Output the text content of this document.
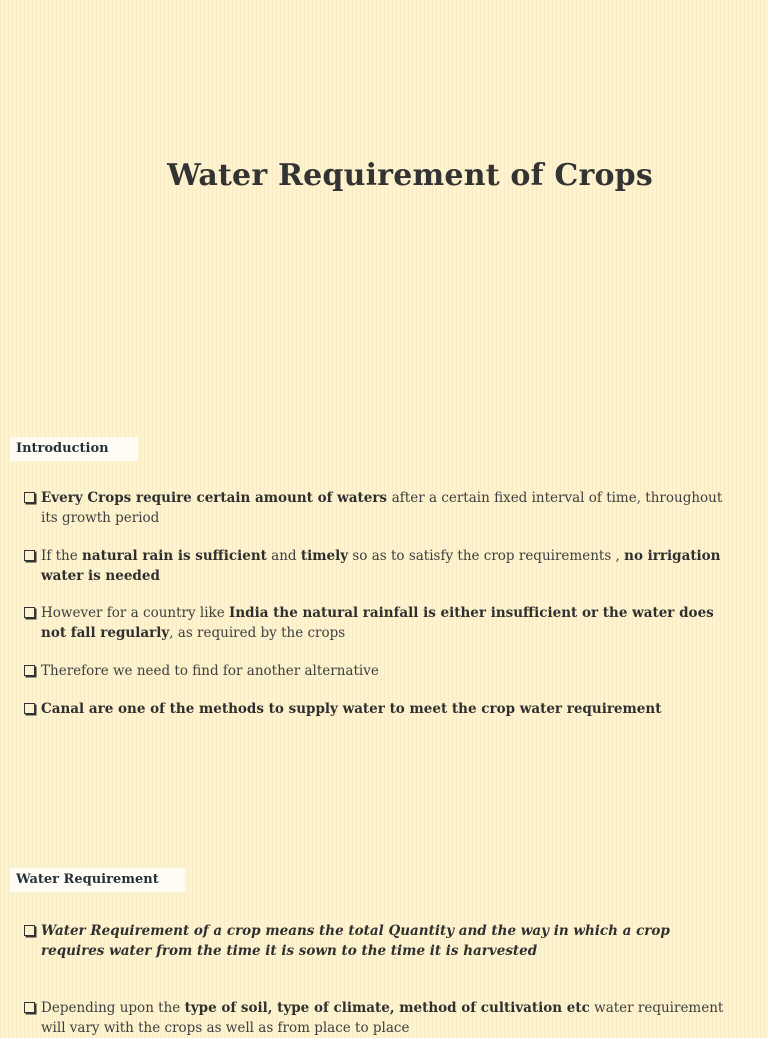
Water Requirement of Crops
Introduction
Every Crops require certain amount of waters after a certain fixed interval of time, throughout its growth period
If the natural rain is sufficient and timely so as to satisfy the crop requirements , no irrigation water is needed
However for a country like India the natural rainfall is either insufficient or the water does not fall regularly, as required by the crops
Therefore we need to find for another alternative
Canal are one of the methods to supply water to meet the crop water requirement
Water Requirement
Water Requirement of a crop means the total Quantity and the way in which a crop requires water from the time it is sown to the time it is harvested
Depending upon the type of soil, type of climate, method of cultivation etc water requirement will vary with the crops as well as from place to place
